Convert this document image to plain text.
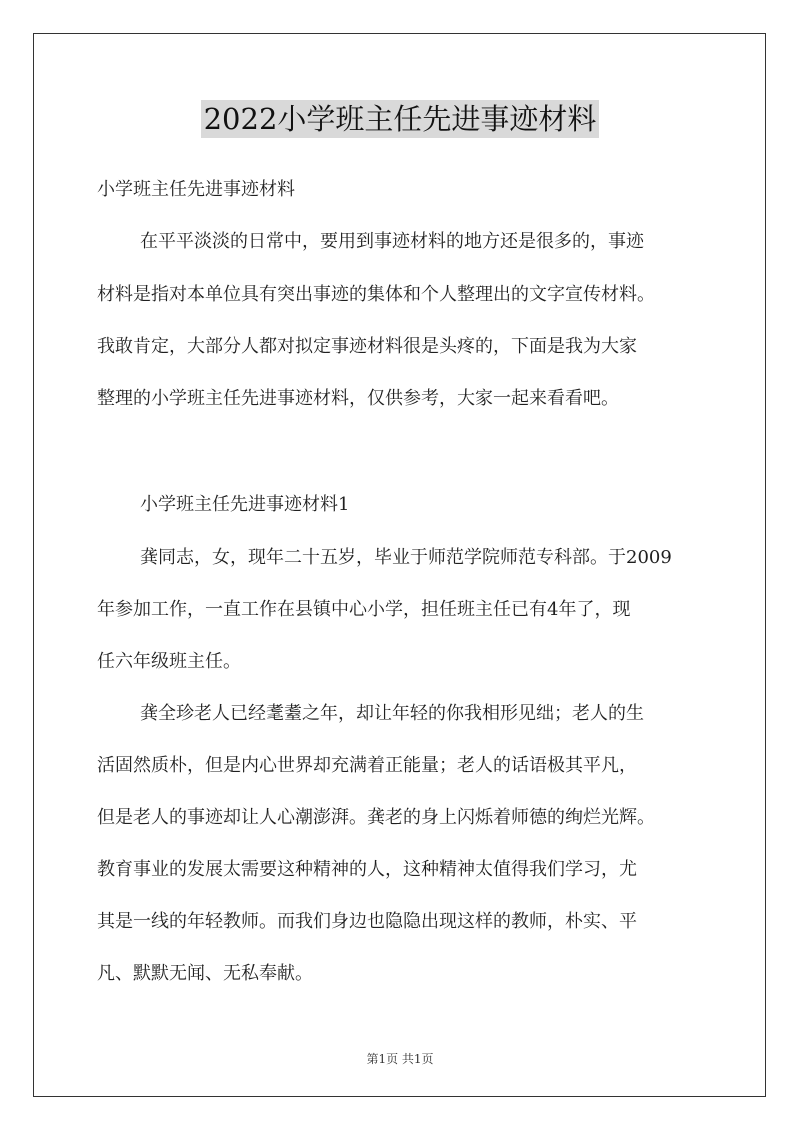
2022小学班主任先进事迹材料
小学班主任先进事迹材料
在平平淡淡的日常中，要用到事迹材料的地方还是很多的，事迹
材料是指对本单位具有突出事迹的集体和个人整理出的文字宣传材料。
我敢肯定，大部分人都对拟定事迹材料很是头疼的，下面是我为大家
整理的小学班主任先进事迹材料，仅供参考，大家一起来看看吧。
小学班主任先进事迹材料1
龚同志，女，现年二十五岁，毕业于师范学院师范专科部。于2009
年参加工作，一直工作在县镇中心小学，担任班主任已有4年了，现
任六年级班主任。
龚全珍老人已经耄耋之年，却让年轻的你我相形见绌；老人的生
活固然质朴，但是内心世界却充满着正能量；老人的话语极其平凡，
但是老人的事迹却让人心潮澎湃。龚老的身上闪烁着师德的绚烂光辉。
教育事业的发展太需要这种精神的人，这种精神太值得我们学习，尤
其是一线的年轻教师。而我们身边也隐隐出现这样的教师，朴实、平
凡、默默无闻、无私奉献。
第1页 共1页
